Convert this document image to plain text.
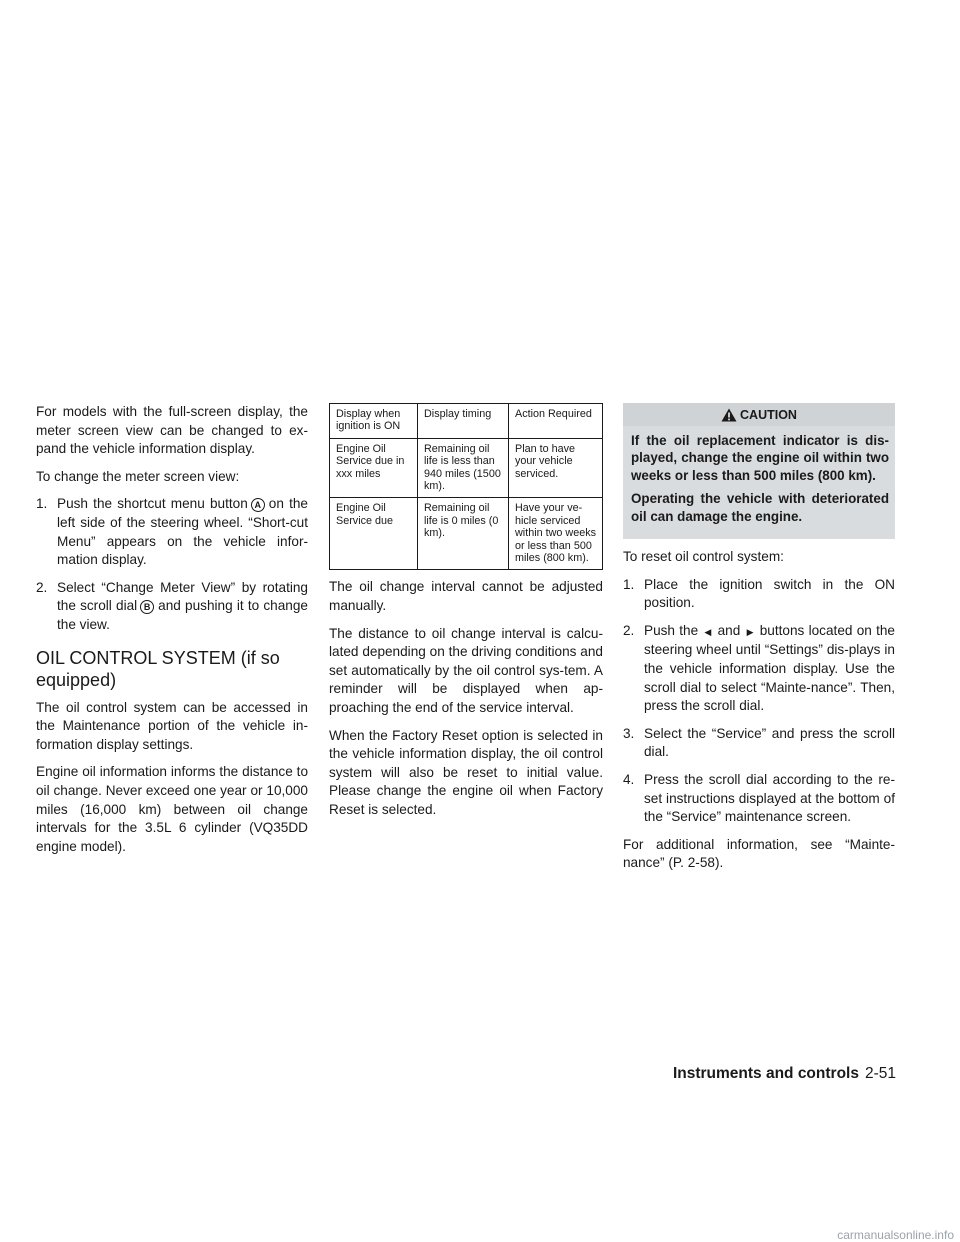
For models with the full-screen display, the meter screen view can be changed to ex-pand the vehicle information display.

To change the meter screen view:

1. Push the shortcut menu button A on the left side of the steering wheel. “Short-cut Menu” appears on the vehicle infor-mation display.
2. Select “Change Meter View” by rotating the scroll dial B and pushing it to change the view.
OIL CONTROL SYSTEM (if so equipped)

The oil control system can be accessed in the Maintenance portion of the vehicle in-formation display settings.

Engine oil information informs the distance to oil change. Never exceed one year or 10,000 miles (16,000 km) between oil change intervals for the 3.5L 6 cylinder (VQ35DD engine model).

Display when ignition is ON	Display timing	Action Required
Engine Oil Service due in xxx miles	Remaining oil life is less than 940 miles (1500 km).	Plan to have your vehicle serviced.
Engine Oil Service due	Remaining oil life is 0 miles (0 km).	Have your ve-hicle serviced within two weeks or less than 500 miles (800 km).

The oil change interval cannot be adjusted manually.

The distance to oil change interval is calcu-lated depending on the driving conditions and set automatically by the oil control sys-tem. A reminder will be displayed when ap-proaching the end of the service interval.

When the Factory Reset option is selected in the vehicle information display, the oil control system will also be reset to initial value. Please change the engine oil when Factory Reset is selected.

CAUTION

If the oil replacement indicator is dis-played, change the engine oil within two weeks or less than 500 miles (800 km).

Operating the vehicle with deteriorated oil can damage the engine.

To reset oil control system:

1. Place the ignition switch in the ON position.
2. Push the ◀ and ▶ buttons located on the steering wheel until “Settings” dis-plays in the vehicle information display. Use the scroll dial to select “Mainte-nance”. Then, press the scroll dial.
3. Select the “Service” and press the scroll dial.
4. Press the scroll dial according to the re-set instructions displayed at the bottom of the “Service” maintenance screen.

For additional information, see “Mainte-nance” (P. 2-58).

Instruments and controls 2-51
carmanualsonline.info
